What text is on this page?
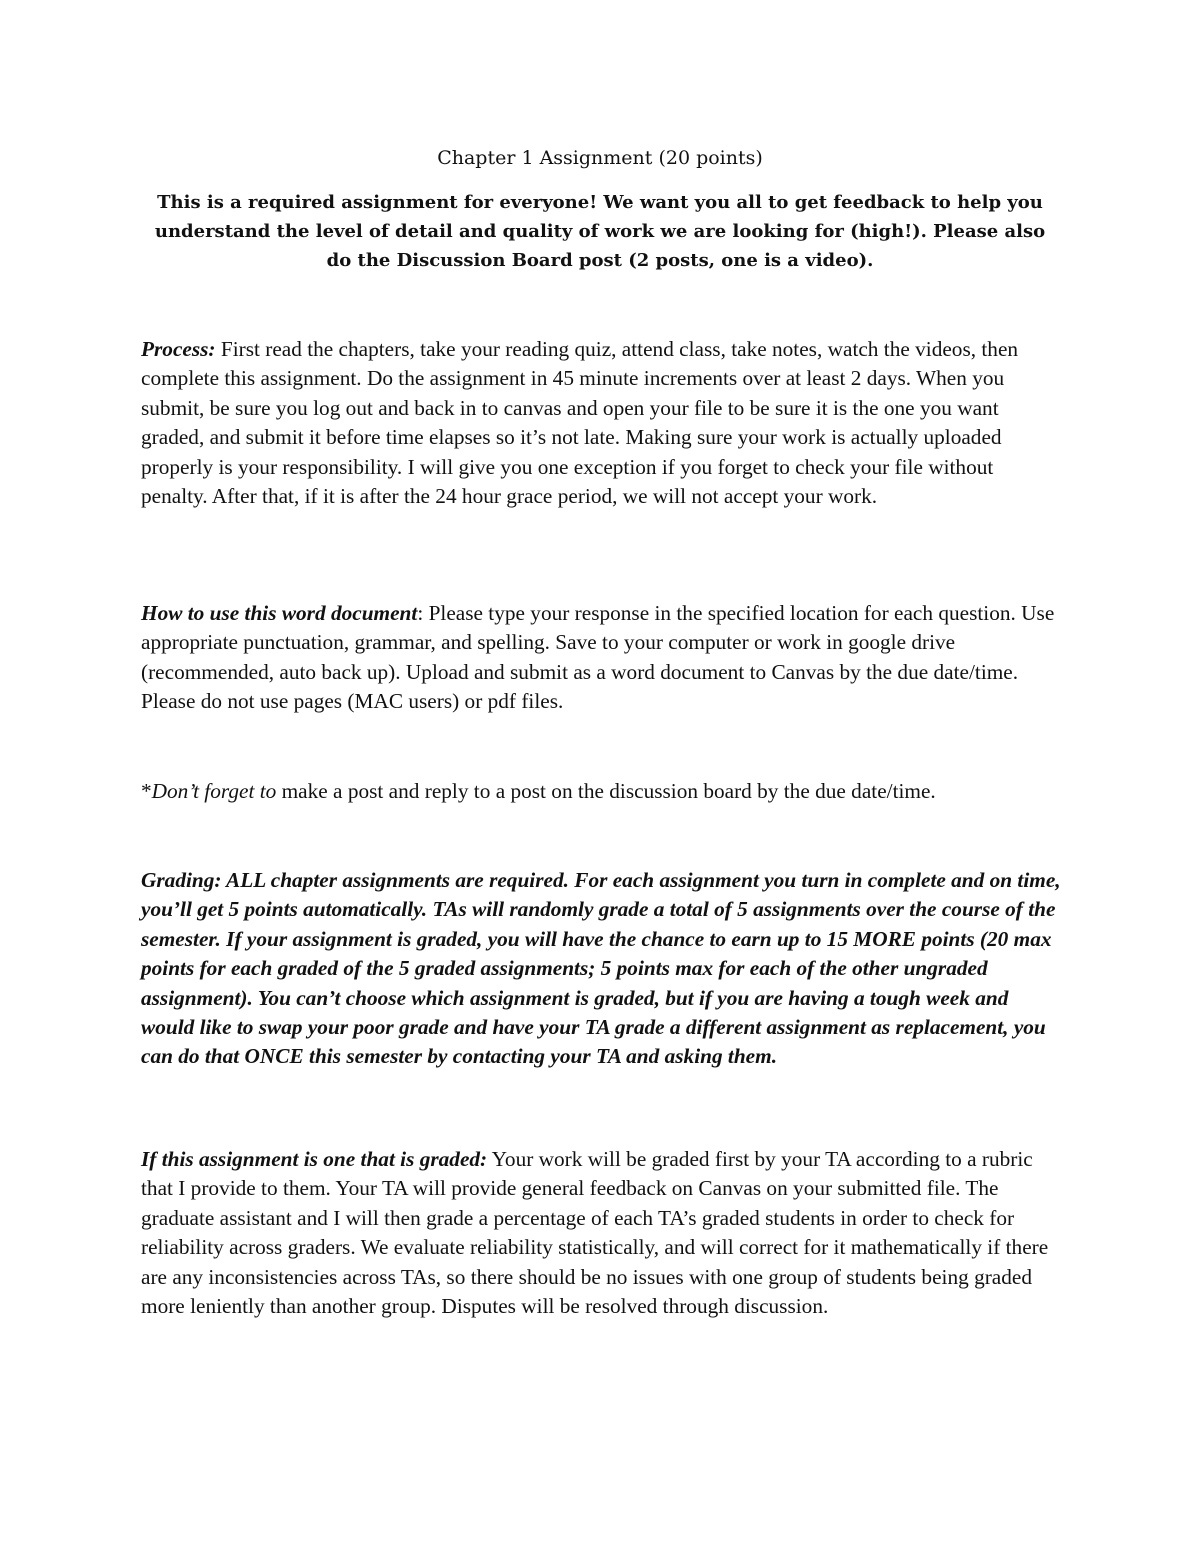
Chapter 1 Assignment (20 points)
This is a required assignment for everyone! We want you all to get feedback to help you understand the level of detail and quality of work we are looking for (high!). Please also do the Discussion Board post (2 posts, one is a video).
Process: First read the chapters, take your reading quiz, attend class, take notes, watch the videos, then complete this assignment. Do the assignment in 45 minute increments over at least 2 days. When you submit, be sure you log out and back in to canvas and open your file to be sure it is the one you want graded, and submit it before time elapses so it’s not late. Making sure your work is actually uploaded properly is your responsibility. I will give you one exception if you forget to check your file without penalty. After that, if it is after the 24 hour grace period, we will not accept your work.
How to use this word document: Please type your response in the specified location for each question. Use appropriate punctuation, grammar, and spelling. Save to your computer or work in google drive (recommended, auto back up). Upload and submit as a word document to Canvas by the due date/time. Please do not use pages (MAC users) or pdf files.
*Don’t forget to make a post and reply to a post on the discussion board by the due date/time.
Grading: ALL chapter assignments are required. For each assignment you turn in complete and on time, you’ll get 5 points automatically. TAs will randomly grade a total of 5 assignments over the course of the semester. If your assignment is graded, you will have the chance to earn up to 15 MORE points (20 max points for each graded of the 5 graded assignments; 5 points max for each of the other ungraded assignment). You can’t choose which assignment is graded, but if you are having a tough week and would like to swap your poor grade and have your TA grade a different assignment as replacement, you can do that ONCE this semester by contacting your TA and asking them.
If this assignment is one that is graded: Your work will be graded first by your TA according to a rubric that I provide to them. Your TA will provide general feedback on Canvas on your submitted file. The graduate assistant and I will then grade a percentage of each TA’s graded students in order to check for reliability across graders. We evaluate reliability statistically, and will correct for it mathematically if there are any inconsistencies across TAs, so there should be no issues with one group of students being graded more leniently than another group. Disputes will be resolved through discussion.
